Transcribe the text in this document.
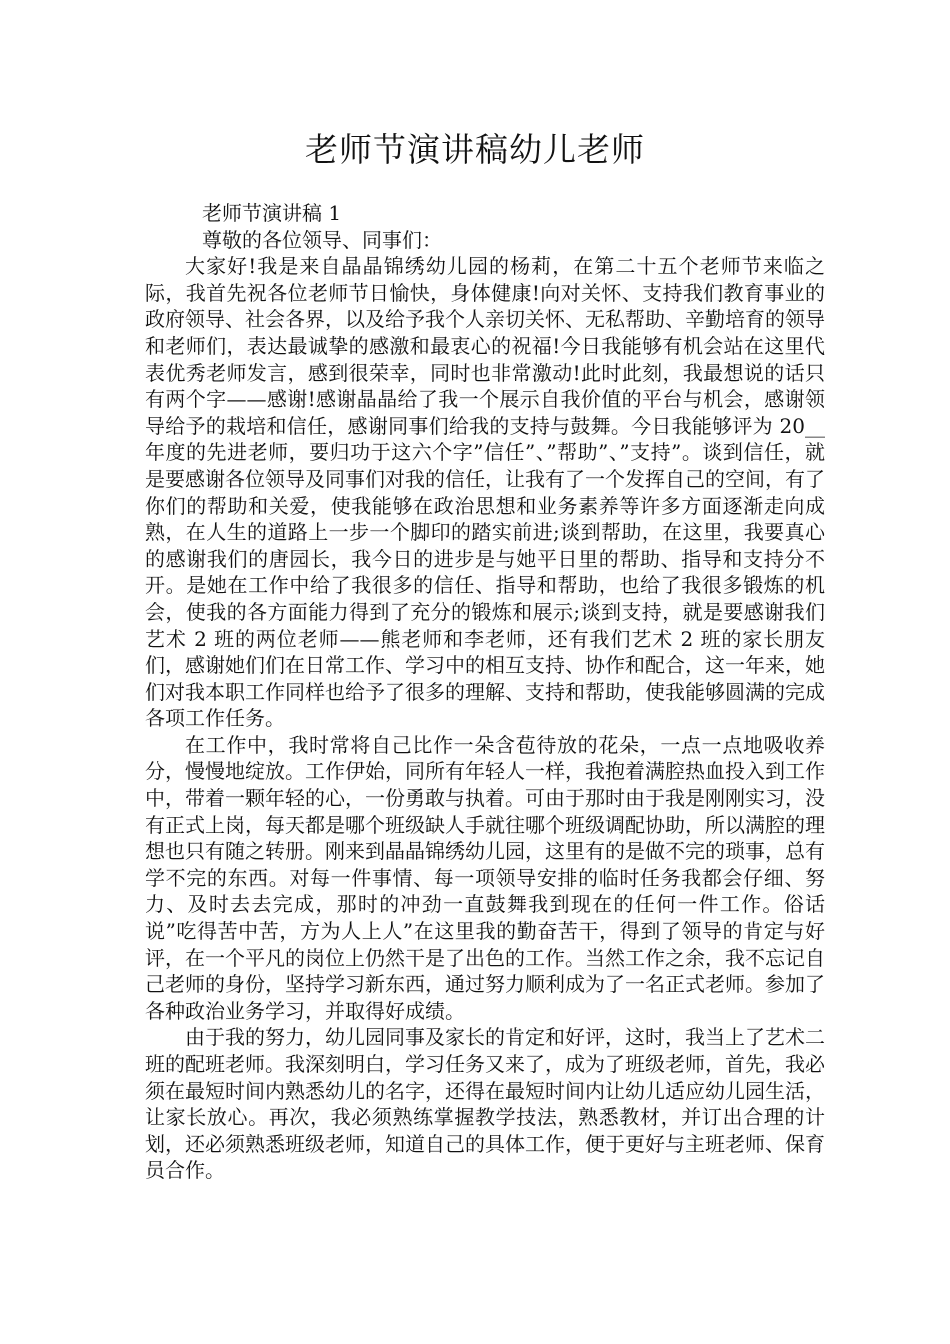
老师节演讲稿幼儿老师

老师节演讲稿 1

尊敬的各位领导、同事们：

大家好!我是来自晶晶锦绣幼儿园的杨莉，在第二十五个老师节来临之际，我首先祝各位老师节日愉快，身体健康!向对关怀、支持我们教育事业的政府领导、社会各界，以及给予我个人亲切关怀、无私帮助、辛勤培育的领导和老师们，表达最诚挚的感激和最衷心的祝福!今日我能够有机会站在这里代表优秀老师发言，感到很荣幸，同时也非常激动!此时此刻，我最想说的话只有两个字——感谢!感谢晶晶给了我一个展示自我价值的平台与机会，感谢领导给予的栽培和信任，感谢同事们给我的支持与鼓舞。今日我能够评为 20__年度的先进老师，要归功于这六个字”信任”、”帮助”、”支持”。谈到信任，就是要感谢各位领导及同事们对我的信任，让我有了一个发挥自己的空间，有了你们的帮助和关爱，使我能够在政治思想和业务素养等许多方面逐渐走向成熟，在人生的道路上一步一个脚印的踏实前进;谈到帮助，在这里，我要真心的感谢我们的唐园长，我今日的进步是与她平日里的帮助、指导和支持分不开。是她在工作中给了我很多的信任、指导和帮助，也给了我很多锻炼的机会，使我的各方面能力得到了充分的锻炼和展示;谈到支持，就是要感谢我们艺术 2 班的两位老师——熊老师和李老师，还有我们艺术 2 班的家长朋友们，感谢她们们在日常工作、学习中的相互支持、协作和配合，这一年来，她们对我本职工作同样也给予了很多的理解、支持和帮助，使我能够圆满的完成各项工作任务。

在工作中，我时常将自己比作一朵含苞待放的花朵，一点一点地吸收养分，慢慢地绽放。工作伊始，同所有年轻人一样，我抱着满腔热血投入到工作中，带着一颗年轻的心，一份勇敢与执着。可由于那时由于我是刚刚实习，没有正式上岗，每天都是哪个班级缺人手就往哪个班级调配协助，所以满腔的理想也只有随之转册。刚来到晶晶锦绣幼儿园，这里有的是做不完的琐事，总有学不完的东西。对每一件事情、每一项领导安排的临时任务我都会仔细、努力、及时去去完成，那时的冲劲一直鼓舞我到现在的任何一件工作。俗话说”吃得苦中苦，方为人上人”在这里我的勤奋苦干，得到了领导的肯定与好评，在一个平凡的岗位上仍然干是了出色的工作。当然工作之余，我不忘记自己老师的身份，坚持学习新东西，通过努力顺利成为了一名正式老师。参加了各种政治业务学习，并取得好成绩。

由于我的努力，幼儿园同事及家长的肯定和好评，这时，我当上了艺术二班的配班老师。我深刻明白，学习任务又来了，成为了班级老师，首先，我必须在最短时间内熟悉幼儿的名字，还得在最短时间内让幼儿适应幼儿园生活，让家长放心。再次，我必须熟练掌握教学技法，熟悉教材，并订出合理的计划，还必须熟悉班级老师，知道自己的具体工作，便于更好与主班老师、保育员合作。
